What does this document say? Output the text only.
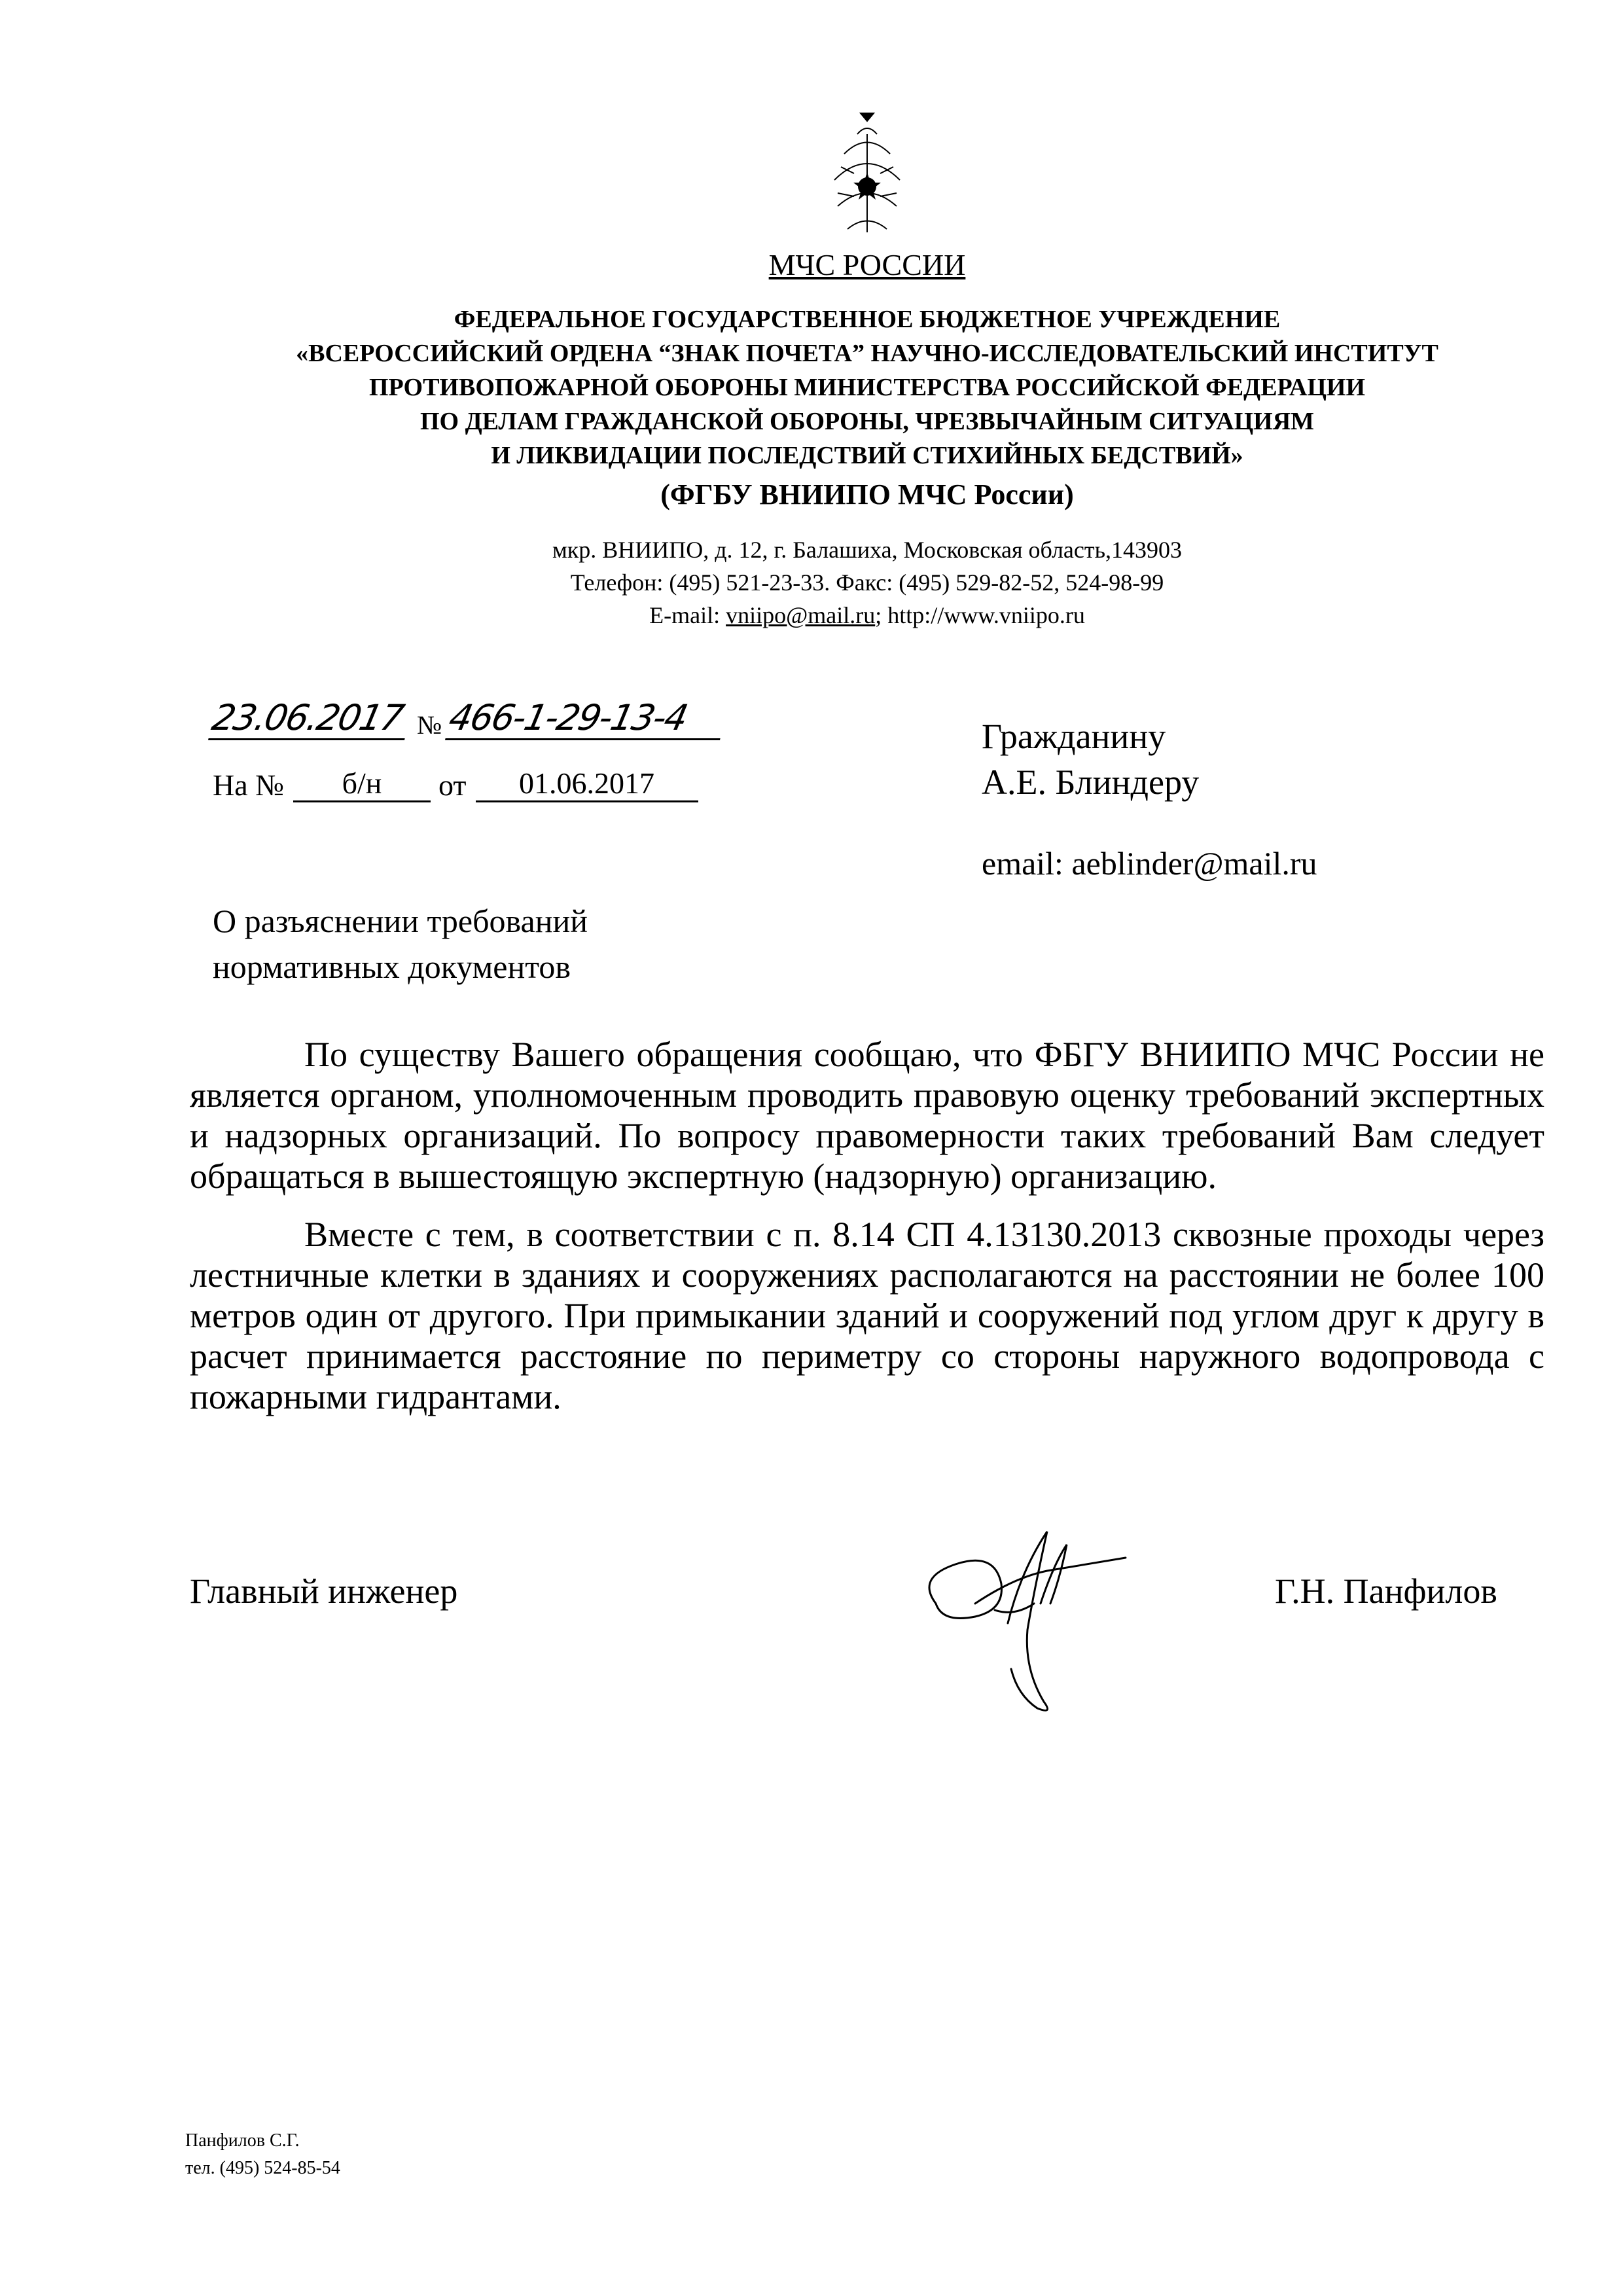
МЧС РОССИИ
ФЕДЕРАЛЬНОЕ ГОСУДАРСТВЕННОЕ БЮДЖЕТНОЕ УЧРЕЖДЕНИЕ
«ВСЕРОССИЙСКИЙ ОРДЕНА “ЗНАК ПОЧЕТА” НАУЧНО-ИССЛЕДОВАТЕЛЬСКИЙ ИНСТИТУТ
ПРОТИВОПОЖАРНОЙ ОБОРОНЫ МИНИСТЕРСТВА РОССИЙСКОЙ ФЕДЕРАЦИИ
ПО ДЕЛАМ ГРАЖДАНСКОЙ ОБОРОНЫ, ЧРЕЗВЫЧАЙНЫМ СИТУАЦИЯМ
И ЛИКВИДАЦИИ ПОСЛЕДСТВИЙ СТИХИЙНЫХ БЕДСТВИЙ»
(ФГБУ ВНИИПО МЧС России)
мкр. ВНИИПО, д. 12, г. Балашиха, Московская область,143903
Телефон: (495) 521-23-33. Факс: (495) 529-82-52, 524-98-99
E-mail: vniipo@mail.ru; http://www.vniipo.ru
23.06.2017 № 466-1-29-13-4
На №	б/н	от	01.06.2017
Гражданину
А.Е. Блиндеру
email: aeblinder@mail.ru
О разъяснении требований
нормативных документов
По существу Вашего обращения сообщаю, что ФБГУ ВНИИПО МЧС России не является органом, уполномоченным проводить правовую оценку требований экспертных и надзорных организаций. По вопросу правомерности таких требований Вам следует обращаться в вышестоящую экспертную (надзорную) организацию.
Вместе с тем, в соответствии с п. 8.14 СП 4.13130.2013 сквозные проходы через лестничные клетки в зданиях и сооружениях располагаются на расстоянии не более 100 метров один от другого. При примыкании зданий и сооружений под углом друг к другу в расчет принимается расстояние по периметру со стороны наружного водопровода с пожарными гидрантами.
Главный инженер	Г.Н. Панфилов
Панфилов С.Г.
тел. (495) 524-85-54
